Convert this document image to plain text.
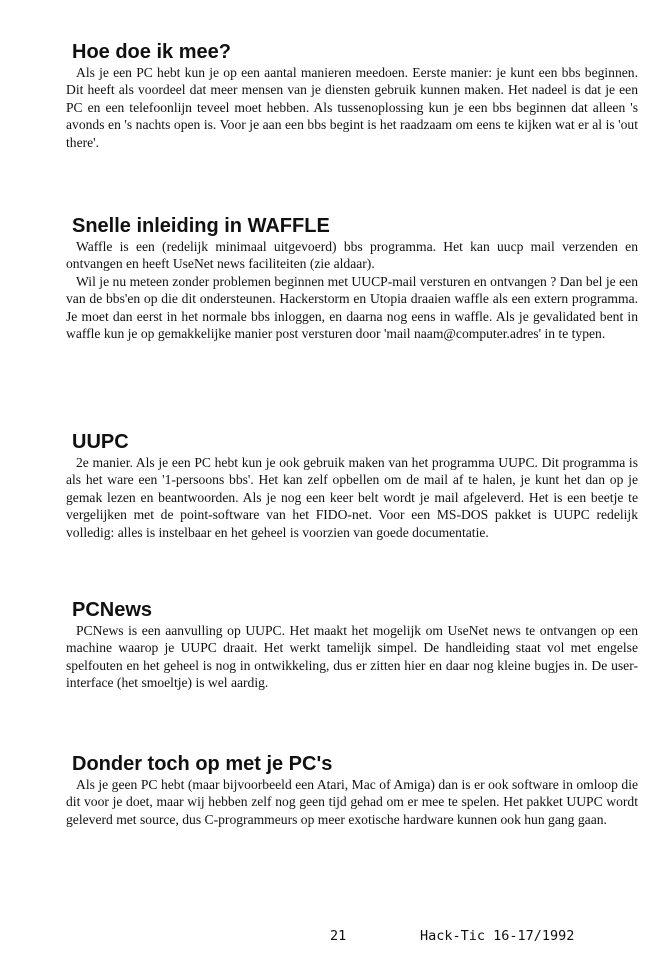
Hoe doe ik mee?

Als je een PC hebt kun je op een aantal manieren meedoen. Eerste manier: je kunt een bbs beginnen. Dit heeft als voordeel dat meer mensen van je diensten gebruik kunnen maken. Het nadeel is dat je een PC en een telefoonlijn teveel moet hebben. Als tussenoplossing kun je een bbs beginnen dat alleen 's avonds en 's nachts open is. Voor je aan een bbs begint is het raadzaam om eens te kijken wat er al is 'out there'.

Snelle inleiding in WAFFLE

Waffle is een (redelijk minimaal uitgevoerd) bbs programma. Het kan uucp mail verzenden en ontvangen en heeft UseNet news faciliteiten (zie aldaar).

Wil je nu meteen zonder problemen beginnen met UUCP-mail versturen en ontvangen ? Dan bel je een van de bbs'en op die dit ondersteunen. Hackerstorm en Utopia draaien waffle als een extern programma. Je moet dan eerst in het normale bbs inloggen, en daarna nog eens in waffle. Als je gevalidated bent in waffle kun je op gemakkelijke manier post versturen door 'mail naam@computer.adres' in te typen.

UUPC

2e manier. Als je een PC hebt kun je ook gebruik maken van het programma UUPC. Dit programma is als het ware een '1-persoons bbs'. Het kan zelf opbellen om de mail af te halen, je kunt het dan op je gemak lezen en beantwoorden. Als je nog een keer belt wordt je mail afgeleverd. Het is een beetje te vergelijken met de point-software van het FIDO-net. Voor een MS-DOS pakket is UUPC redelijk volledig: alles is instelbaar en het geheel is voorzien van goede documentatie.

PCNews

PCNews is een aanvulling op UUPC. Het maakt het mogelijk om UseNet news te ontvangen op een machine waarop je UUPC draait. Het werkt tamelijk simpel. De handleiding staat vol met engelse spelfouten en het geheel is nog in ontwikkeling, dus er zitten hier en daar nog kleine bugjes in. De user-interface (het smoeltje) is wel aardig.

Donder toch op met je PC's

Als je geen PC hebt (maar bijvoorbeeld een Atari, Mac of Amiga) dan is er ook software in omloop die dit voor je doet, maar wij hebben zelf nog geen tijd gehad om er mee te spelen. Het pakket UUPC wordt geleverd met source, dus C-programmeurs op meer exotische hardware kunnen ook hun gang gaan.

21	Hack-Tic 16-17/1992
